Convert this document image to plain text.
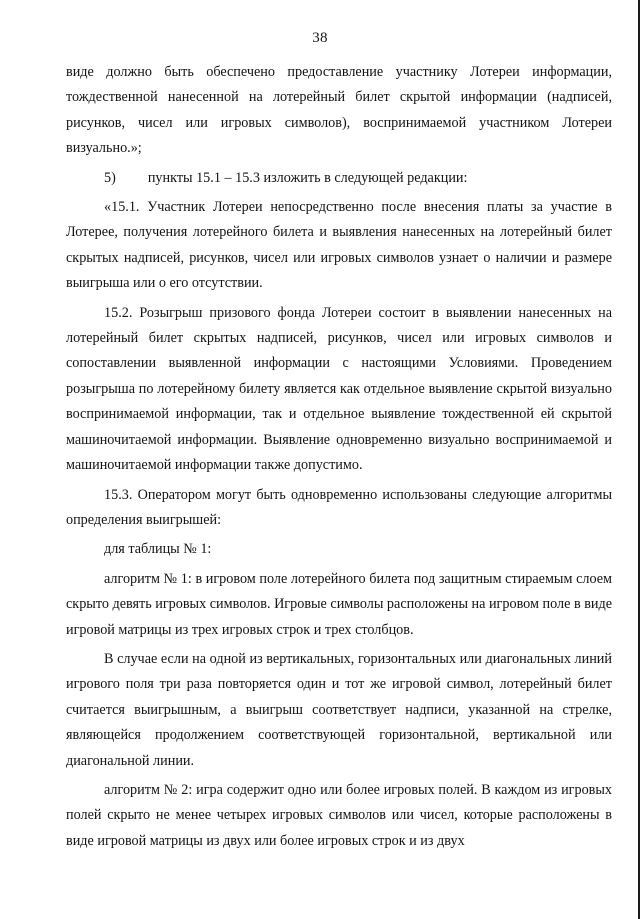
38

виде должно быть обеспечено предоставление участнику Лотереи информации, тождественной нанесенной на лотерейный билет скрытой информации (надписей, рисунков, чисел или игровых символов), воспринимаемой участником Лотереи визуально.»;

5) пункты 15.1 – 15.3 изложить в следующей редакции:

«15.1. Участник Лотереи непосредственно после внесения платы за участие в Лотерее, получения лотерейного билета и выявления нанесенных на лотерейный билет скрытых надписей, рисунков, чисел или игровых символов узнает о наличии и размере выигрыша или о его отсутствии.

15.2. Розыгрыш призового фонда Лотереи состоит в выявлении нанесенных на лотерейный билет скрытых надписей, рисунков, чисел или игровых символов и сопоставлении выявленной информации с настоящими Условиями. Проведением розыгрыша по лотерейному билету является как отдельное выявление скрытой визуально воспринимаемой информации, так и отдельное выявление тождественной ей скрытой машиночитаемой информации. Выявление одновременно визуально воспринимаемой и машиночитаемой информации также допустимо.

15.3. Оператором могут быть одновременно использованы следующие алгоритмы определения выигрышей:

для таблицы № 1:

алгоритм № 1: в игровом поле лотерейного билета под защитным стираемым слоем скрыто девять игровых символов. Игровые символы расположены на игровом поле в виде игровой матрицы из трех игровых строк и трех столбцов.

В случае если на одной из вертикальных, горизонтальных или диагональных линий игрового поля три раза повторяется один и тот же игровой символ, лотерейный билет считается выигрышным, а выигрыш соответствует надписи, указанной на стрелке, являющейся продолжением соответствующей горизонтальной, вертикальной или диагональной линии.

алгоритм № 2: игра содержит одно или более игровых полей. В каждом из игровых полей скрыто не менее четырех игровых символов или чисел, которые расположены в виде игровой матрицы из двух или более игровых строк и из двух
